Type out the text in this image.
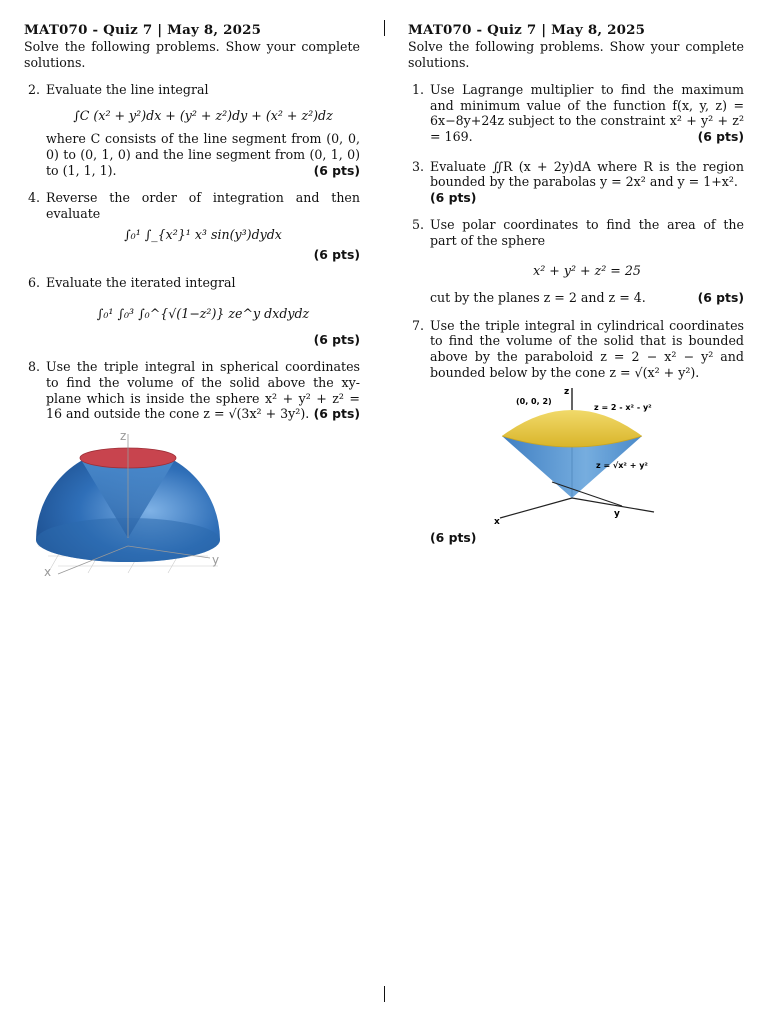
MAT070 - Quiz 7 | May 8, 2025

Solve the following problems. Show your complete solutions.

2. Evaluate the line integral
∫C (x² + y²)dx + (y² + z²)dy + (x² + z²)dz
where C consists of the line segment from (0, 0, 0) to (0, 1, 0) and the line segment from (0, 1, 0) to (1, 1, 1).	(6 pts)
4. Reverse the order of integration and then evaluate
∫₀¹ ∫_{x²}¹ x³ sin(y³)dydx
(6 pts)
6. Evaluate the iterated integral
∫₀¹ ∫₀³ ∫₀^{√(1−z²)} ze^y dxdydz
(6 pts)
8. Use the triple integral in spherical coordinates to find the volume of the solid above the xy-plane which is inside the sphere x² + y² + z² = 16 and outside the cone z = √(3x² + 3y²). (6 pts)
z
x
y

MAT070 - Quiz 7 | May 8, 2025

Solve the following problems. Show your complete solutions.

1. Use Lagrange multiplier to find the maximum and minimum value of the function f(x, y, z) = 6x−8y+24z subject to the constraint x² + y² + z² = 169.	(6 pts)
3. Evaluate ∬R (x + 2y)dA where R is the region bounded by the parabolas y = 2x² and y = 1+x².
(6 pts)
5. Use polar coordinates to find the area of the part of the sphere
x² + y² + z² = 25
cut by the planes z = 2 and z = 4.	(6 pts)
7. Use the triple integral in cylindrical coordinates to find the volume of the solid that is bounded above by the paraboloid z = 2 − x² − y² and bounded below by the cone z = √(x² + y²).
z
x
y
(0, 0, 2)
z = 2 - x² - y²
z = √x² + y²
(6 pts)
